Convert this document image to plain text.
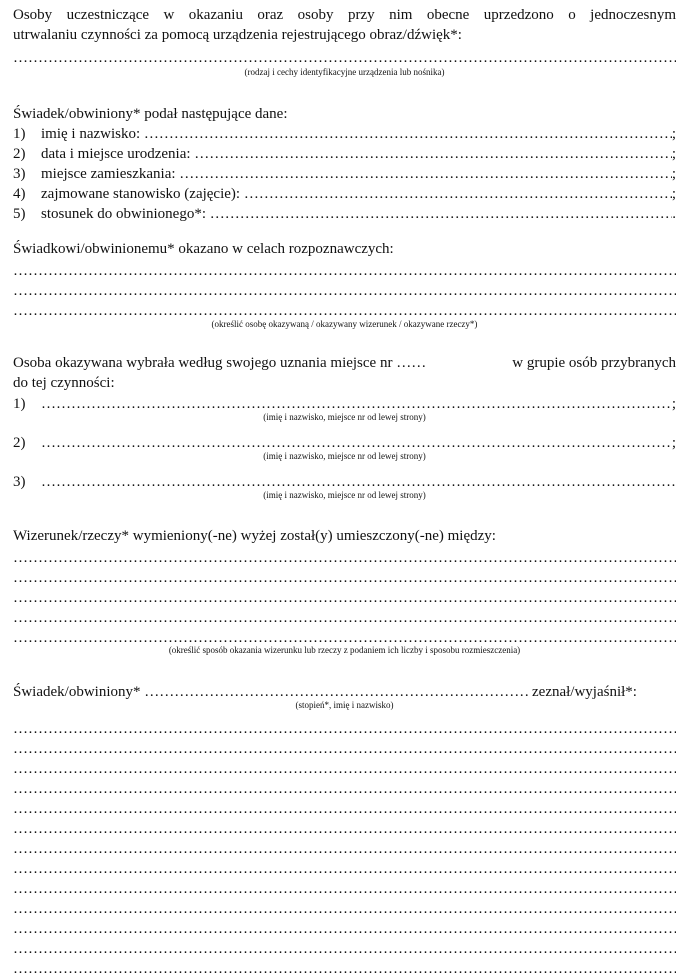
Osoby uczestniczące w okazaniu oraz osoby przy nim obecne uprzedzono o jednoczesnym
utrwalaniu czynności za pomocą urządzenia rejestrującego obraz/dźwięk*:
…………………………………………………………………………………………………………………………………………………………………………………………………………………………………………………………………………
(rodzaj i cechy identyfikacyjne urządzenia lub nośnika)
Świadek/obwiniony* podał następujące dane:
1)	imię i nazwisko:
…………………………………………………………………………………………………………………………………………………………………………………………………………………………………………………………………………	;
2)	data i miejsce urodzenia:
…………………………………………………………………………………………………………………………………………………………………………………………………………………………………………………………………………	;
3)	miejsce zamieszkania:
…………………………………………………………………………………………………………………………………………………………………………………………………………………………………………………………………………	;
4)	zajmowane stanowisko (zajęcie):
…………………………………………………………………………………………………………………………………………………………………………………………………………………………………………………………………………	;
5)	stosunek do obwinionego*:
…………………………………………………………………………………………………………………………………………………………………………………………………………………………………………………………………………	.
Świadkowi/obwinionemu* okazano w celach rozpoznawczych:
…………………………………………………………………………………………………………………………………………………………………………………………………………………………………………………………………………
…………………………………………………………………………………………………………………………………………………………………………………………………………………………………………………………………………
…………………………………………………………………………………………………………………………………………………………………………………………………………………………………………………………………………
(określić osobę okazywaną / okazywany wizerunek / okazywane rzeczy*)
Osoba okazywana wybrała według swojego uznania miejsce nr
……	w grupie osób przybranych
do tej czynności:
1) …………………………………………………………………………………………………………………………………………………………………………………………………………………………………………………………………………	;
(imię i nazwisko, miejsce nr od lewej strony)
2) …………………………………………………………………………………………………………………………………………………………………………………………………………………………………………………………………………	;
(imię i nazwisko, miejsce nr od lewej strony)
3)
…………………………………………………………………………………………………………………………………………………………………………………………………………………………………………………………………………
(imię i nazwisko, miejsce nr od lewej strony)
Wizerunek/rzeczy* wymieniony(-ne) wyżej został(y) umieszczony(-ne) między:
…………………………………………………………………………………………………………………………………………………………………………………………………………………………………………………………………………
…………………………………………………………………………………………………………………………………………………………………………………………………………………………………………………………………………
…………………………………………………………………………………………………………………………………………………………………………………………………………………………………………………………………………
…………………………………………………………………………………………………………………………………………………………………………………………………………………………………………………………………………
…………………………………………………………………………………………………………………………………………………………………………………………………………………………………………………………………………
(określić sposób okazania wizerunku lub rzeczy z podaniem ich liczby i sposobu rozmieszczenia)
Świadek/obwiniony*
…………………………………………………………………………………………………………………………………………………………………………………………………………………………………………………………………………
	zeznał/wyjaśnił*:
(stopień*, imię i nazwisko)
…………………………………………………………………………………………………………………………………………………………………………………………………………………………………………………………………………
…………………………………………………………………………………………………………………………………………………………………………………………………………………………………………………………………………
…………………………………………………………………………………………………………………………………………………………………………………………………………………………………………………………………………
…………………………………………………………………………………………………………………………………………………………………………………………………………………………………………………………………………
…………………………………………………………………………………………………………………………………………………………………………………………………………………………………………………………………………
…………………………………………………………………………………………………………………………………………………………………………………………………………………………………………………………………………
…………………………………………………………………………………………………………………………………………………………………………………………………………………………………………………………………………
…………………………………………………………………………………………………………………………………………………………………………………………………………………………………………………………………………
…………………………………………………………………………………………………………………………………………………………………………………………………………………………………………………………………………
…………………………………………………………………………………………………………………………………………………………………………………………………………………………………………………………………………
…………………………………………………………………………………………………………………………………………………………………………………………………………………………………………………………………………
…………………………………………………………………………………………………………………………………………………………………………………………………………………………………………………………………………
…………………………………………………………………………………………………………………………………………………………………………………………………………………………………………………………………………
